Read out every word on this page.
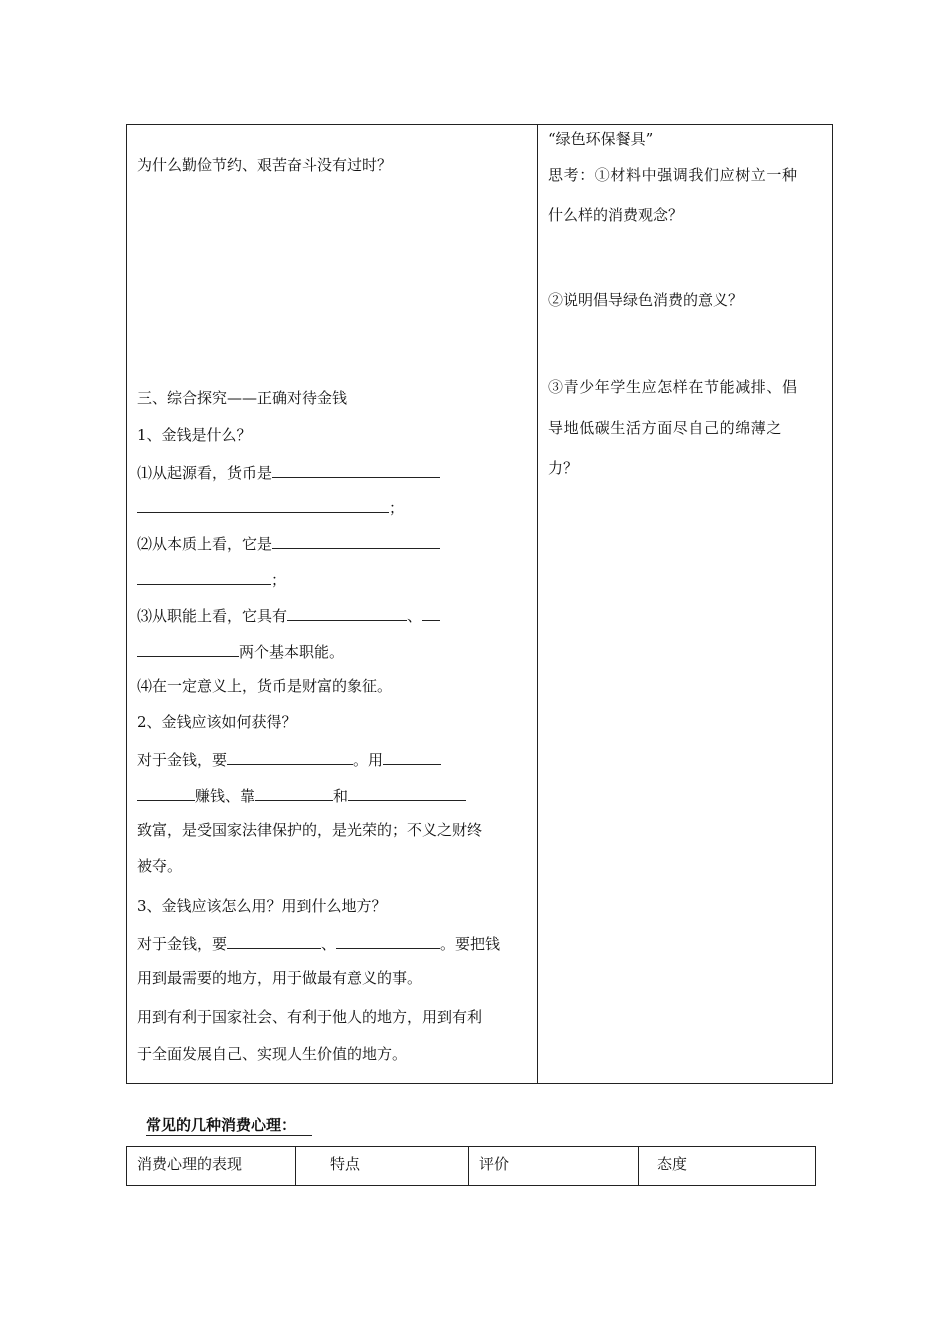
为什么勤俭节约、艰苦奋斗没有过时？
三、综合探究——正确对待金钱
1、金钱是什么？
⑴从起源看，货币是
；
⑵从本质上看，它是
；
⑶从职能上看，它具有	、
两个基本职能。
⑷在一定意义上，货币是财富的象征。
2、金钱应该如何获得？
对于金钱，要	。用
赚钱、靠	和
致富，是受国家法律保护的，是光荣的；不义之财终
被夺。
3、金钱应该怎么用？用到什么地方？
对于金钱，要	、	。要把钱
用到最需要的地方，用于做最有意义的事。
用到有利于国家社会、有利于他人的地方，用到有利
于全面发展自己、实现人生价值的地方。
“绿色环保餐具”
思考：①材料中强调我们应树立一种
什么样的消费观念？
②说明倡导绿色消费的意义？
③青少年学生应怎样在节能减排、倡
导地低碳生活方面尽自己的绵薄之
力？
常见的几种消费心理：
消费心理的表现	特点	评价	态度
